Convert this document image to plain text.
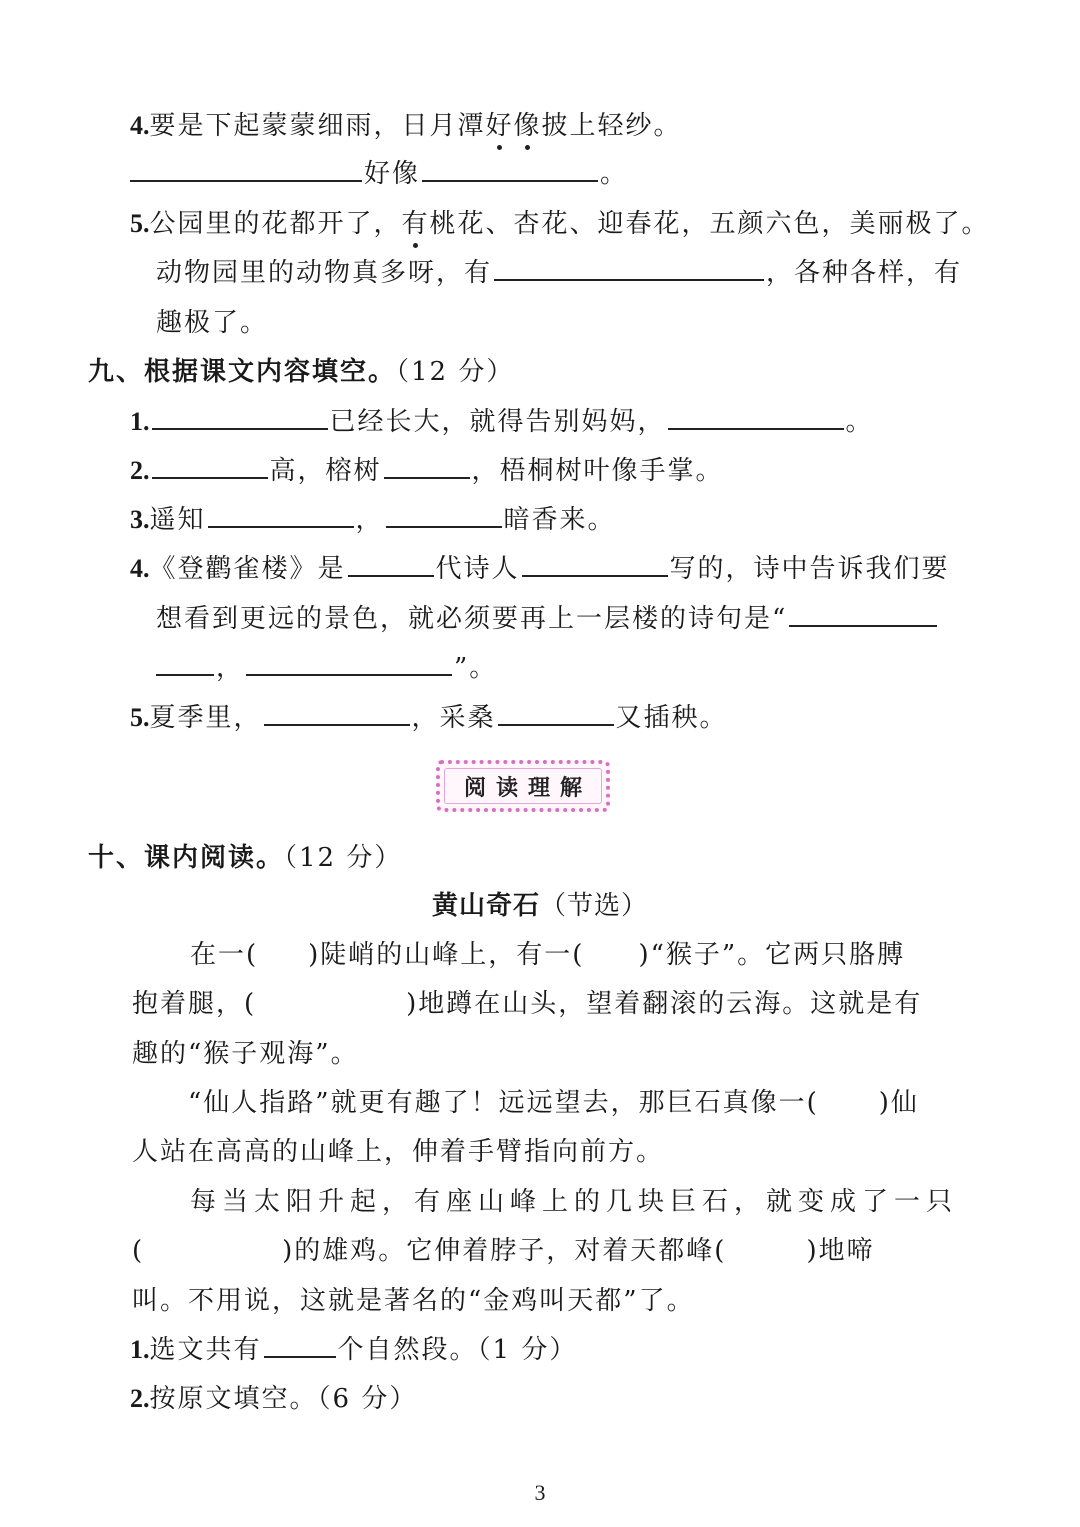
4.要是下起蒙蒙细雨，日月潭好像披上轻纱。
好像	。
5.公园里的花都开了，有桃花、杏花、迎春花，五颜六色，美丽极了。
动物园里的动物真多呀，有	，各种各样，有
趣极了。
九、根据课文内容填空。（12 分）
1.	已经长大，就得告别妈妈，	。
2.	高，榕树	，梧桐树叶像手掌。
3.遥知	，	暗香来。
4.《登鹳雀楼》是	代诗人	写的，诗中告诉我们要
想看到更远的景色，就必须要再上一层楼的诗句是“
，	”。
5.夏季里，	，采桑	又插秧。
阅读理解
十、课内阅读。（12 分）
黄山奇石（节选）
在一( )陡峭的山峰上，有一( )“猴子”。它两只胳膊
抱着腿，(	)地蹲在山头，望着翻滚的云海。这就是有
趣的“猴子观海”。
“仙人指路”就更有趣了！远远望去，那巨石真像一( )仙
人站在高高的山峰上，伸着手臂指向前方。
每当太阳升起，有座山峰上的几块巨石，就变成了一只
(	)的雄鸡。它伸着脖子，对着天都峰(	)地啼
叫。不用说，这就是著名的“金鸡叫天都”了。
1.选文共有	个自然段。（1 分）
2.按原文填空。（6 分）
3
